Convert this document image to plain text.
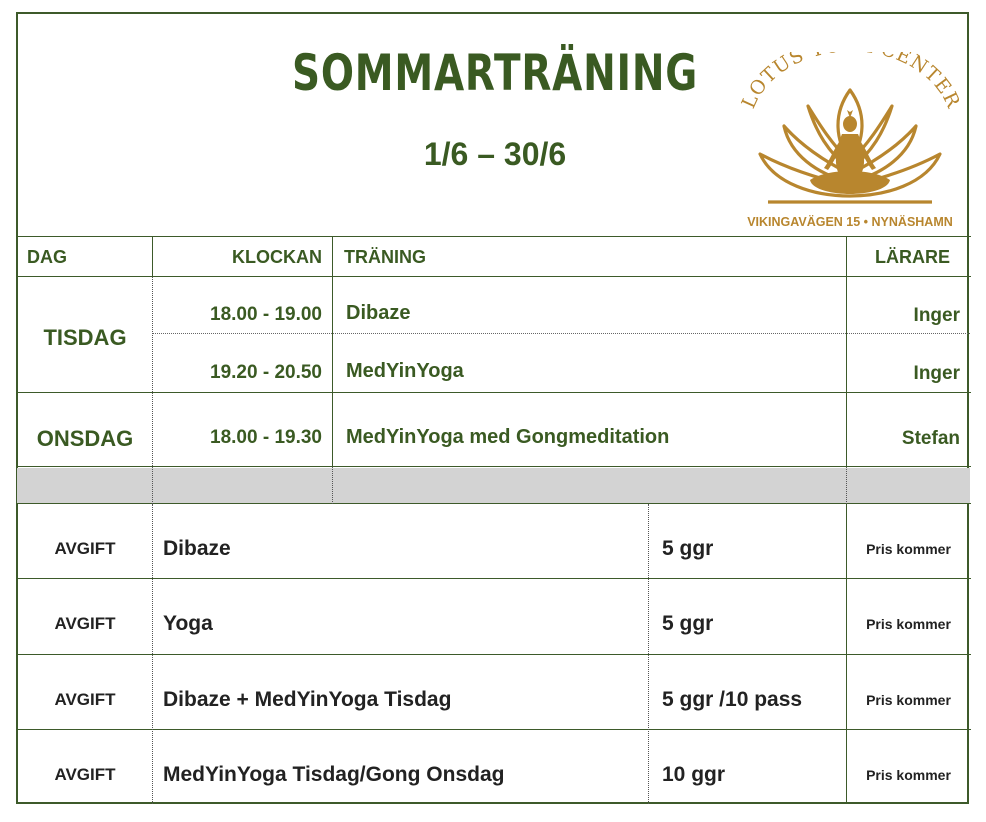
SOMMARTRÄNING
1/6 – 30/6
LOTUS ENTER
VIKINGAVÄGEN 15 • NYNÄSHAMN
DAG	KLOCKAN TRÄNING	LÄRARE
TISDAG
18.00 - 19.00 Dibaze	Inger
19.20 - 20.50 MedYinYoga	Inger
ONSDAG	18.00 - 19.30 MedYinYoga med Gongmeditation	Stefan
AVGIFT	Dibaze	5 ggr	Pris kommer
AVGIFT	Yoga	5 ggr	Pris kommer
AVGIFT	Dibaze + MedYinYoga Tisdag	5 ggr /10 pass	Pris kommer
AVGIFT	MedYinYoga Tisdag/Gong Onsdag	10 ggr	Pris kommer
